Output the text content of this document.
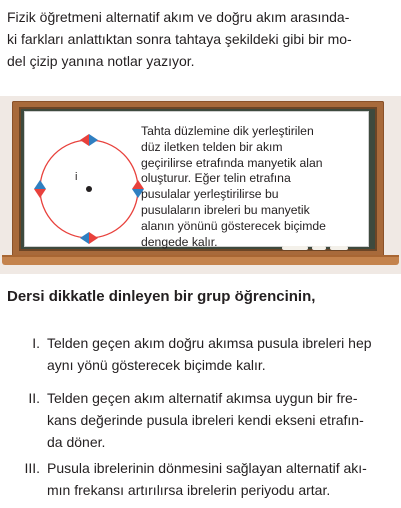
Fizik öğretmeni alternatif akım ve doğru akım arasında-
ki farkları anlattıktan sonra tahtaya şekildeki gibi bir mo-
del çizip yanına notlar yazıyor.
i
Tahta düzlemine dik yerleştirilen
düz iletken telden bir akım
geçirilirse etrafında manyetik alan
oluşturur. Eğer telin etrafına
pusulalar yerleştirilirse bu
pusulaların ibreleri bu manyetik
alanın yönünü gösterecek biçimde
dengede kalır.

Dersi dikkatle dinleyen bir grup öğrencinin,

I. Telden geçen akım doğru akımsa pusula ibreleri hep
aynı yönü gösterecek biçimde kalır.
II. Telden geçen akım alternatif akımsa uygun bir fre-
kans değerinde pusula ibreleri kendi ekseni etrafın-
da döner.
III. Pusula ibrelerinin dönmesini sağlayan alternatif akı-
mın frekansı artırılırsa ibrelerin periyodu artar.
